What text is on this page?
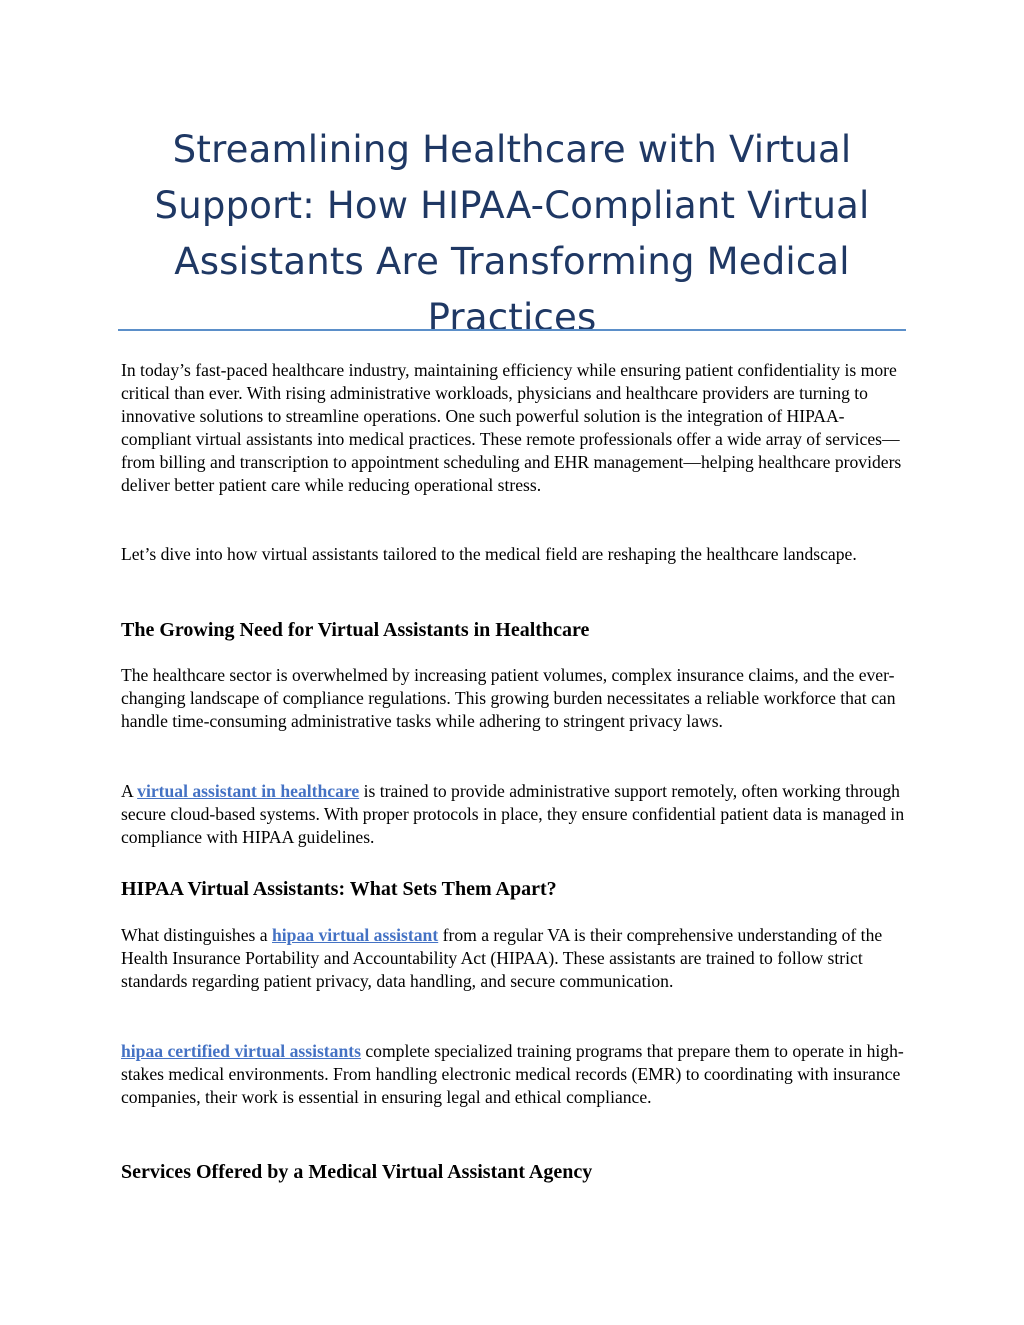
Streamlining Healthcare with Virtual Support: How HIPAA-Compliant Virtual Assistants Are Transforming Medical Practices

In today’s fast-paced healthcare industry, maintaining efficiency while ensuring patient confidentiality is more critical than ever. With rising administrative workloads, physicians and healthcare providers are turning to innovative solutions to streamline operations. One such powerful solution is the integration of HIPAA-compliant virtual assistants into medical practices. These remote professionals offer a wide array of services—from billing and transcription to appointment scheduling and EHR management—helping healthcare providers deliver better patient care while reducing operational stress.

Let’s dive into how virtual assistants tailored to the medical field are reshaping the healthcare landscape.

The Growing Need for Virtual Assistants in Healthcare

The healthcare sector is overwhelmed by increasing patient volumes, complex insurance claims, and the ever-changing landscape of compliance regulations. This growing burden necessitates a reliable workforce that can handle time-consuming administrative tasks while adhering to stringent privacy laws.

A virtual assistant in healthcare is trained to provide administrative support remotely, often working through secure cloud-based systems. With proper protocols in place, they ensure confidential patient data is managed in compliance with HIPAA guidelines.

HIPAA Virtual Assistants: What Sets Them Apart?

What distinguishes a hipaa virtual assistant from a regular VA is their comprehensive understanding of the Health Insurance Portability and Accountability Act (HIPAA). These assistants are trained to follow strict standards regarding patient privacy, data handling, and secure communication.

hipaa certified virtual assistants complete specialized training programs that prepare them to operate in high-stakes medical environments. From handling electronic medical records (EMR) to coordinating with insurance companies, their work is essential in ensuring legal and ethical compliance.

Services Offered by a Medical Virtual Assistant Agency
